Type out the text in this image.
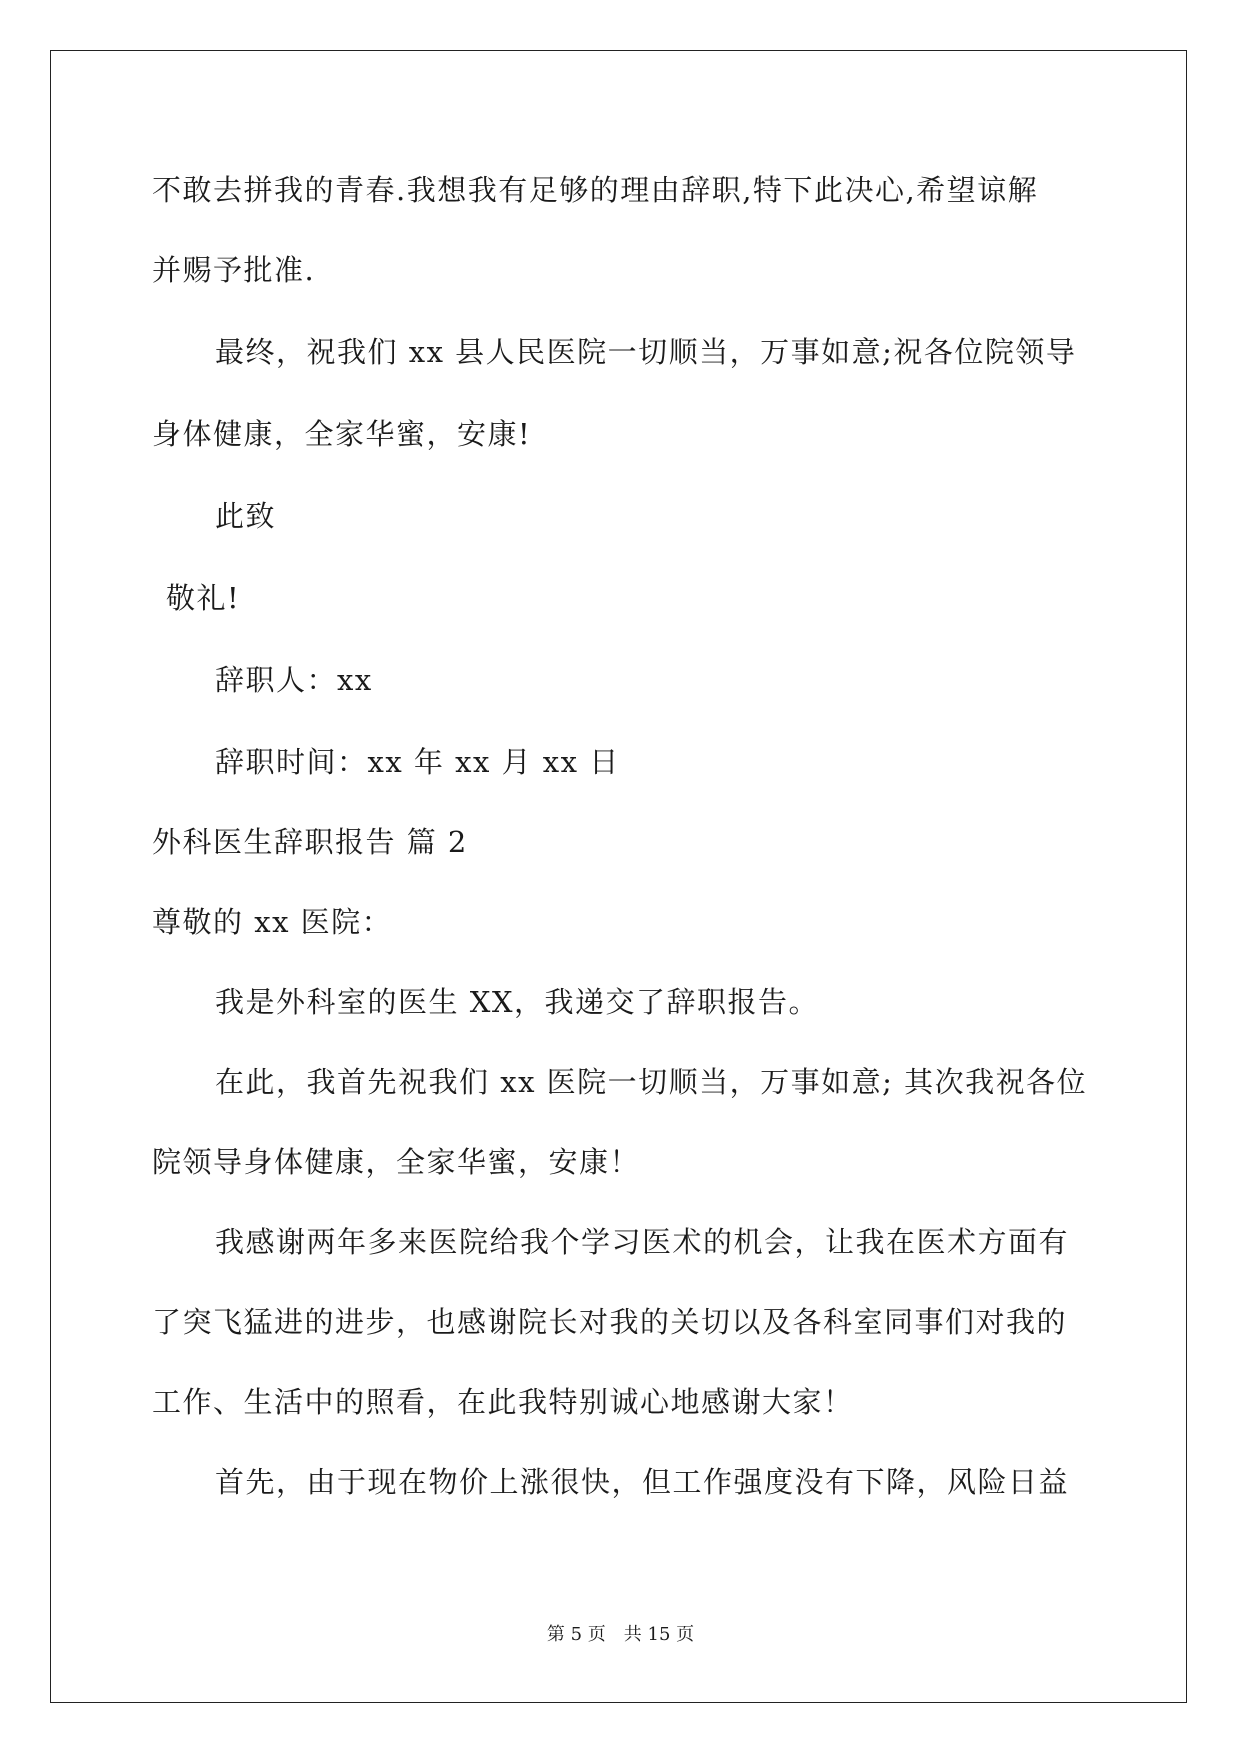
不敢去拼我的青春.我想我有足够的理由辞职,特下此决心,希望谅解

并赐予批准.

最终，祝我们 xx 县人民医院一切顺当，万事如意;祝各位院领导

身体健康，全家华蜜，安康!

此致

敬礼!

辞职人：xx

辞职时间：xx 年 xx 月 xx 日

外科医生辞职报告 篇 2

尊敬的 xx 医院：

我是外科室的医生 XX，我递交了辞职报告。

在此，我首先祝我们 xx 医院一切顺当，万事如意; 其次我祝各位

院领导身体健康，全家华蜜，安康！

我感谢两年多来医院给我个学习医术的机会，让我在医术方面有

了突飞猛进的进步，也感谢院长对我的关切以及各科室同事们对我的

工作、生活中的照看，在此我特别诚心地感谢大家！

首先，由于现在物价上涨很快，但工作强度没有下降，风险日益

第 5 页　共 15 页
